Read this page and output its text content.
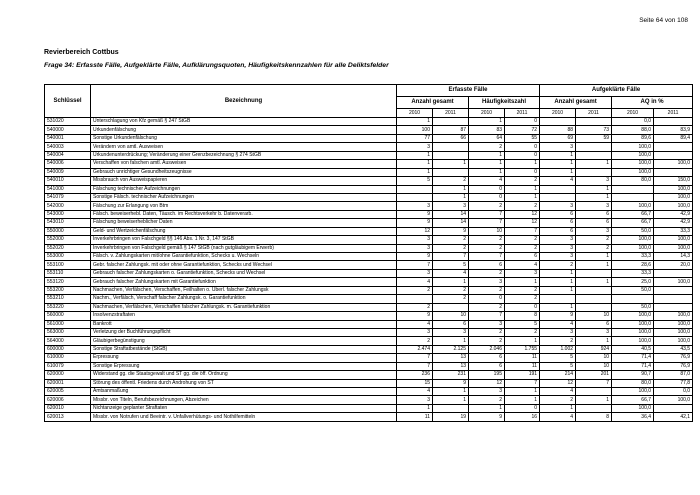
Seite 64 von 108
Revierbereich Cottbus
Frage 34: Erfasste Fälle, Aufgeklärte Fälle, Aufklärungsquoten, Häufigkeitskennzahlen für alle Deliktsfelder
Schlüssel	Bezeichnung	Erfasste Fälle				Aufgeklärte Fälle			
		Anzahl gesamt		Häufigkeitszahl		Anzahl gesamt		AQ in %	
		2010	2011	2010	2011	2010	2011	2010	2011
531020	Unterschlagung von Kfz gemäß § 247 StGB	1		1	0			0,0	
540000	Urkundenfälschung	100	87	83	72	88	73	88,0	83,9
540001	Sonstige Urkundenfälschung	77	66	64	55	69	59	89,6	89,4
540003	Verändern von amtl. Ausweisen	3		2	0	3		100,0	
540004	Urkundenunterdrückung; Veränderung einer Grenzbezeichnung § 274 StGB	1		1	0	1		100,0	
540006	Verschaffen von falschen amtl. Ausweisen	1	1	1	1	1	1	100,0	100,0
540009	Gebrauch unrichtiger Gesundheitszeugnisse	1		1	0	1		100,0	
540010	Missbrauch von Ausweispapieren	5	2	4	2	4	3	80,0	150,0
541000	Fälschung technischer Aufzeichnungen		1	0	1		1		100,0
541079	Sonstige Fälsch. technischer Aufzeichnungen		1	0	1		1		100,0
542000	Fälschung zur Erlangung von Btm	3	3	2	2	3	3	100,0	100,0
543000	Fälsch. beweiserhebl. Daten, Täusch. im Rechtsverkehr b. Datenverarb.	9	14	7	12	6	6	66,7	42,9
543010	Fälschung beweiserheblicher Daten	9	14	7	12	6	6	66,7	42,9
550000	Geld- und Wertzeichenfälschung	12	9	10	7	6	3	50,0	33,3
552000	Inverkehrbringen von Falschgeld §§ 146 Abs. 1 Nr. 3, 147 StGB	3	2	2	2	3	2	100,0	100,0
552020	Inverkehrbringen von Falschgeld gemäß § 147 StGB (nach gutgläubigem Erwerb)	3	2	2	2	3	2	100,0	100,0
553000	Fälsch. v. Zahlungskarten mit/ohne Garantiefunktion, Schecks u. Wechseln	9	7	7	6	3	1	33,3	14,3
553100	Gebr. falscher Zahlungsk. mit oder ohne Garantiefunktion, Schecks und Wechsel	7	5	6	4	2	1	28,6	20,0
553110	Gebrauch falscher Zahlungskarten o. Garantiefunktion, Schecks und Wechsel	3	4	2	3	1		33,3	
553120	Gebrauch falscher Zahlungskarten mit Garantiefunktion	4	1	3	1	1	1	25,0	100,0
553200	Nachmachen, Verfälschen, Verschaffen, Feilhalten o. Überl. falscher Zahlungsk	2	2	2	2	1		50,0	
553210	Nachm., Verfälsch, Verschaff falscher Zahlungsk. o. Garantiefunktion		2	0	2				
553220	Nachmachen, Verfälschen, Verschaffen falscher Zahlungsk. m. Garantiefunktion	2		2	0	1		50,0	
560000	Insolvenzstraftaten	9	10	7	8	9	10	100,0	100,0
561000	Bankrott	4	6	3	5	4	6	100,0	100,0
563000	Verletzung der Buchführungspflicht	3	3	2	2	3	3	100,0	100,0
564000	Gläubigerbegünstigung	2	1	2	1	2	1	100,0	100,0
600000	Sonstige Straftatbestände (StGB)	2.474	2.125	2.046	1.755	1.002	924	40,5	43,5
610000	Erpressung	7	13	6	11	5	10	71,4	76,9
610079	Sonstige Erpressung	7	13	6	11	5	10	71,4	76,9
620000	Widerstand gg. die Staatsgewalt und ST gg. die öff. Ordnung	236	231	195	191	214	201	90,7	87,0
620001	Störung des öffentl. Friedens durch Androhung von ST	15	9	12	7	12	7	80,0	77,8
620005	Amtsanmaßung	4	1	3	1	4		100,0	0,0
620006	Missbr. von Titeln, Berufsbezeichnungen, Abzeichen	3	1	2	1	2	1	66,7	100,0
620010	Nichtanzeige geplanter Straftaten	1		1	0	1		100,0	
620013	Missbr. von Notrufen und Beeintr. v. Unfallverhütungs- und Nothilfemitteln	11	19	9	16	4	8	36,4	42,1
